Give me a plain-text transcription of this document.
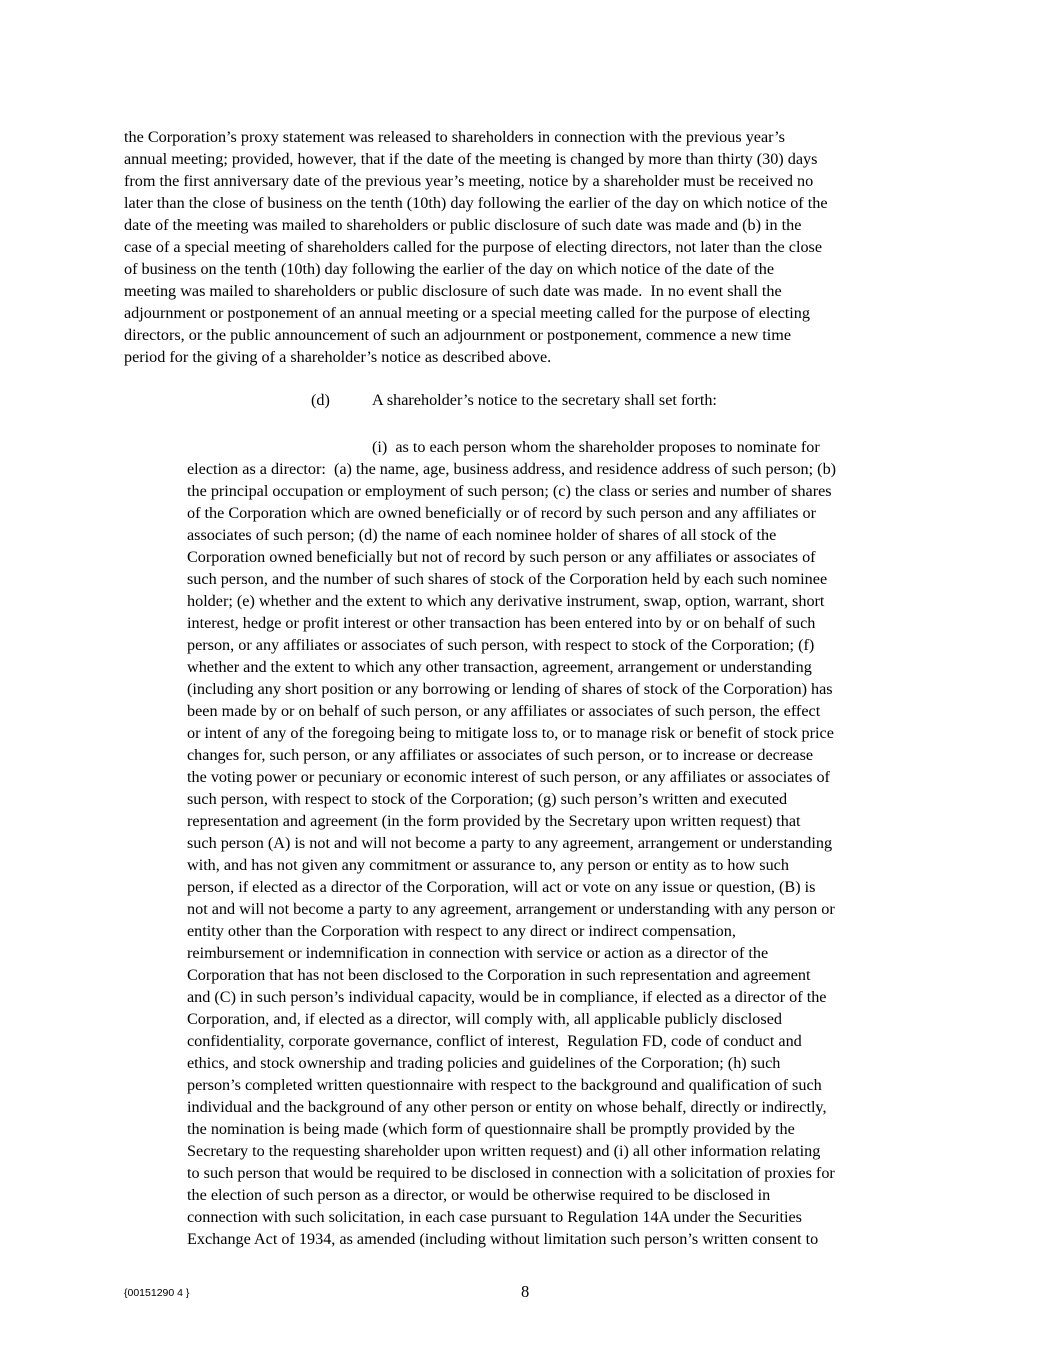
the Corporation’s proxy statement was released to shareholders in connection with the previous year’s

annual meeting; provided, however, that if the date of the meeting is changed by more than thirty (30) days

from the first anniversary date of the previous year’s meeting, notice by a shareholder must be received no

later than the close of business on the tenth (10th) day following the earlier of the day on which notice of the

date of the meeting was mailed to shareholders or public disclosure of such date was made and (b) in the

case of a special meeting of shareholders called for the purpose of electing directors, not later than the close

of business on the tenth (10th) day following the earlier of the day on which notice of the date of the

meeting was mailed to shareholders or public disclosure of such date was made.  In no event shall the

adjournment or postponement of an annual meeting or a special meeting called for the purpose of electing

directors, or the public announcement of such an adjournment or postponement, commence a new time

period for the giving of a shareholder’s notice as described above.

(d)	A shareholder’s notice to the secretary shall set forth:

(i)  as to each person whom the shareholder proposes to nominate for

election as a director:  (a) the name, age, business address, and residence address of such person; (b)

the principal occupation or employment of such person; (c) the class or series and number of shares

of the Corporation which are owned beneficially or of record by such person and any affiliates or

associates of such person; (d) the name of each nominee holder of shares of all stock of the

Corporation owned beneficially but not of record by such person or any affiliates or associates of

such person, and the number of such shares of stock of the Corporation held by each such nominee

holder; (e) whether and the extent to which any derivative instrument, swap, option, warrant, short

interest, hedge or profit interest or other transaction has been entered into by or on behalf of such

person, or any affiliates or associates of such person, with respect to stock of the Corporation; (f)

whether and the extent to which any other transaction, agreement, arrangement or understanding

(including any short position or any borrowing or lending of shares of stock of the Corporation) has

been made by or on behalf of such person, or any affiliates or associates of such person, the effect

or intent of any of the foregoing being to mitigate loss to, or to manage risk or benefit of stock price

changes for, such person, or any affiliates or associates of such person, or to increase or decrease

the voting power or pecuniary or economic interest of such person, or any affiliates or associates of

such person, with respect to stock of the Corporation; (g) such person’s written and executed

representation and agreement (in the form provided by the Secretary upon written request) that

such person (A) is not and will not become a party to any agreement, arrangement or understanding

with, and has not given any commitment or assurance to, any person or entity as to how such

person, if elected as a director of the Corporation, will act or vote on any issue or question, (B) is

not and will not become a party to any agreement, arrangement or understanding with any person or

entity other than the Corporation with respect to any direct or indirect compensation,

reimbursement or indemnification in connection with service or action as a director of the

Corporation that has not been disclosed to the Corporation in such representation and agreement

and (C) in such person’s individual capacity, would be in compliance, if elected as a director of the

Corporation, and, if elected as a director, will comply with, all applicable publicly disclosed

confidentiality, corporate governance, conflict of interest,  Regulation FD, code of conduct and

ethics, and stock ownership and trading policies and guidelines of the Corporation; (h) such

person’s completed written questionnaire with respect to the background and qualification of such

individual and the background of any other person or entity on whose behalf, directly or indirectly,

the nomination is being made (which form of questionnaire shall be promptly provided by the

Secretary to the requesting shareholder upon written request) and (i) all other information relating

to such person that would be required to be disclosed in connection with a solicitation of proxies for

the election of such person as a director, or would be otherwise required to be disclosed in

connection with such solicitation, in each case pursuant to Regulation 14A under the Securities

Exchange Act of 1934, as amended (including without limitation such person’s written consent to

{00151290 4 }	8
